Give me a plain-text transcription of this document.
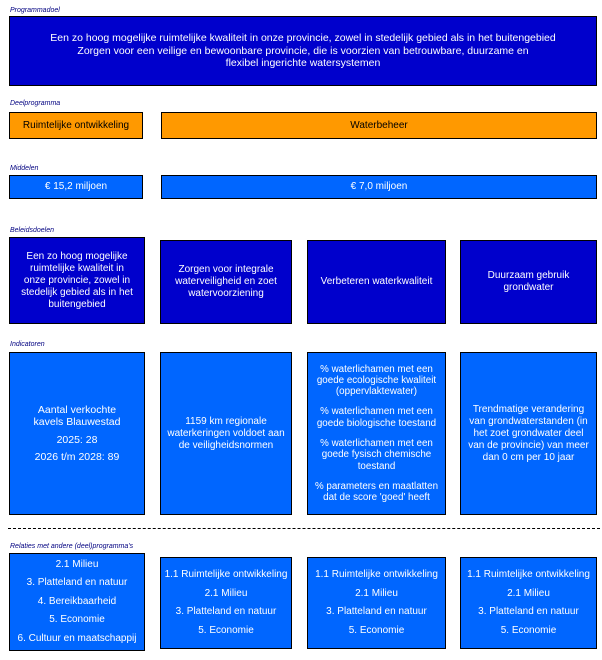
Programmadoel

Een zo hoog mogelijke ruimtelijke kwaliteit in onze provincie, zowel in stedelijk gebied als in het buitengebied

Zorgen voor een veilige en bewoonbare provincie, die is voorzien van betrouwbare, duurzame en flexibel ingerichte watersystemen

Deelprogramma
Ruimtelijke ontwikkeling	Waterbeheer
Middelen
€ 15,2 miljoen	€ 7,0 miljoen
Beleidsdoelen
Een zo hoog mogelijke ruimtelijke kwaliteit in onze provincie, zowel in stedelijk gebied als in het buitengebied
Zorgen voor integrale waterveiligheid en zoet watervoorziening
Verbeteren waterkwaliteit
Duurzaam gebruik grondwater
Indicatoren

Aantal verkochte kavels Blauwestad

2025: 28

2026 t/m 2028: 89

1159 km regionale waterkeringen voldoet aan de veiligheidsnormen

% waterlichamen met een goede ecologische kwaliteit (oppervlaktewater)

% waterlichamen met een goede biologische toestand

% waterlichamen met een goede fysisch chemische toestand

% parameters en maatlatten dat de score 'goed' heeft

Trendmatige verandering van grondwaterstanden (in het zoet grondwater deel van de provincie) van meer dan 0 cm per 10 jaar
Relaties met andere (deel)programma's

2.1 Milieu

3. Platteland en natuur

4. Bereikbaarheid

5. Economie

6. Cultuur en maatschappij

1.1 Ruimtelijke ontwikkeling

2.1 Milieu

3. Platteland en natuur

5. Economie

1.1 Ruimtelijke ontwikkeling

2.1 Milieu

3. Platteland en natuur

5. Economie

1.1 Ruimtelijke ontwikkeling

2.1 Milieu

3. Platteland en natuur

5. Economie
